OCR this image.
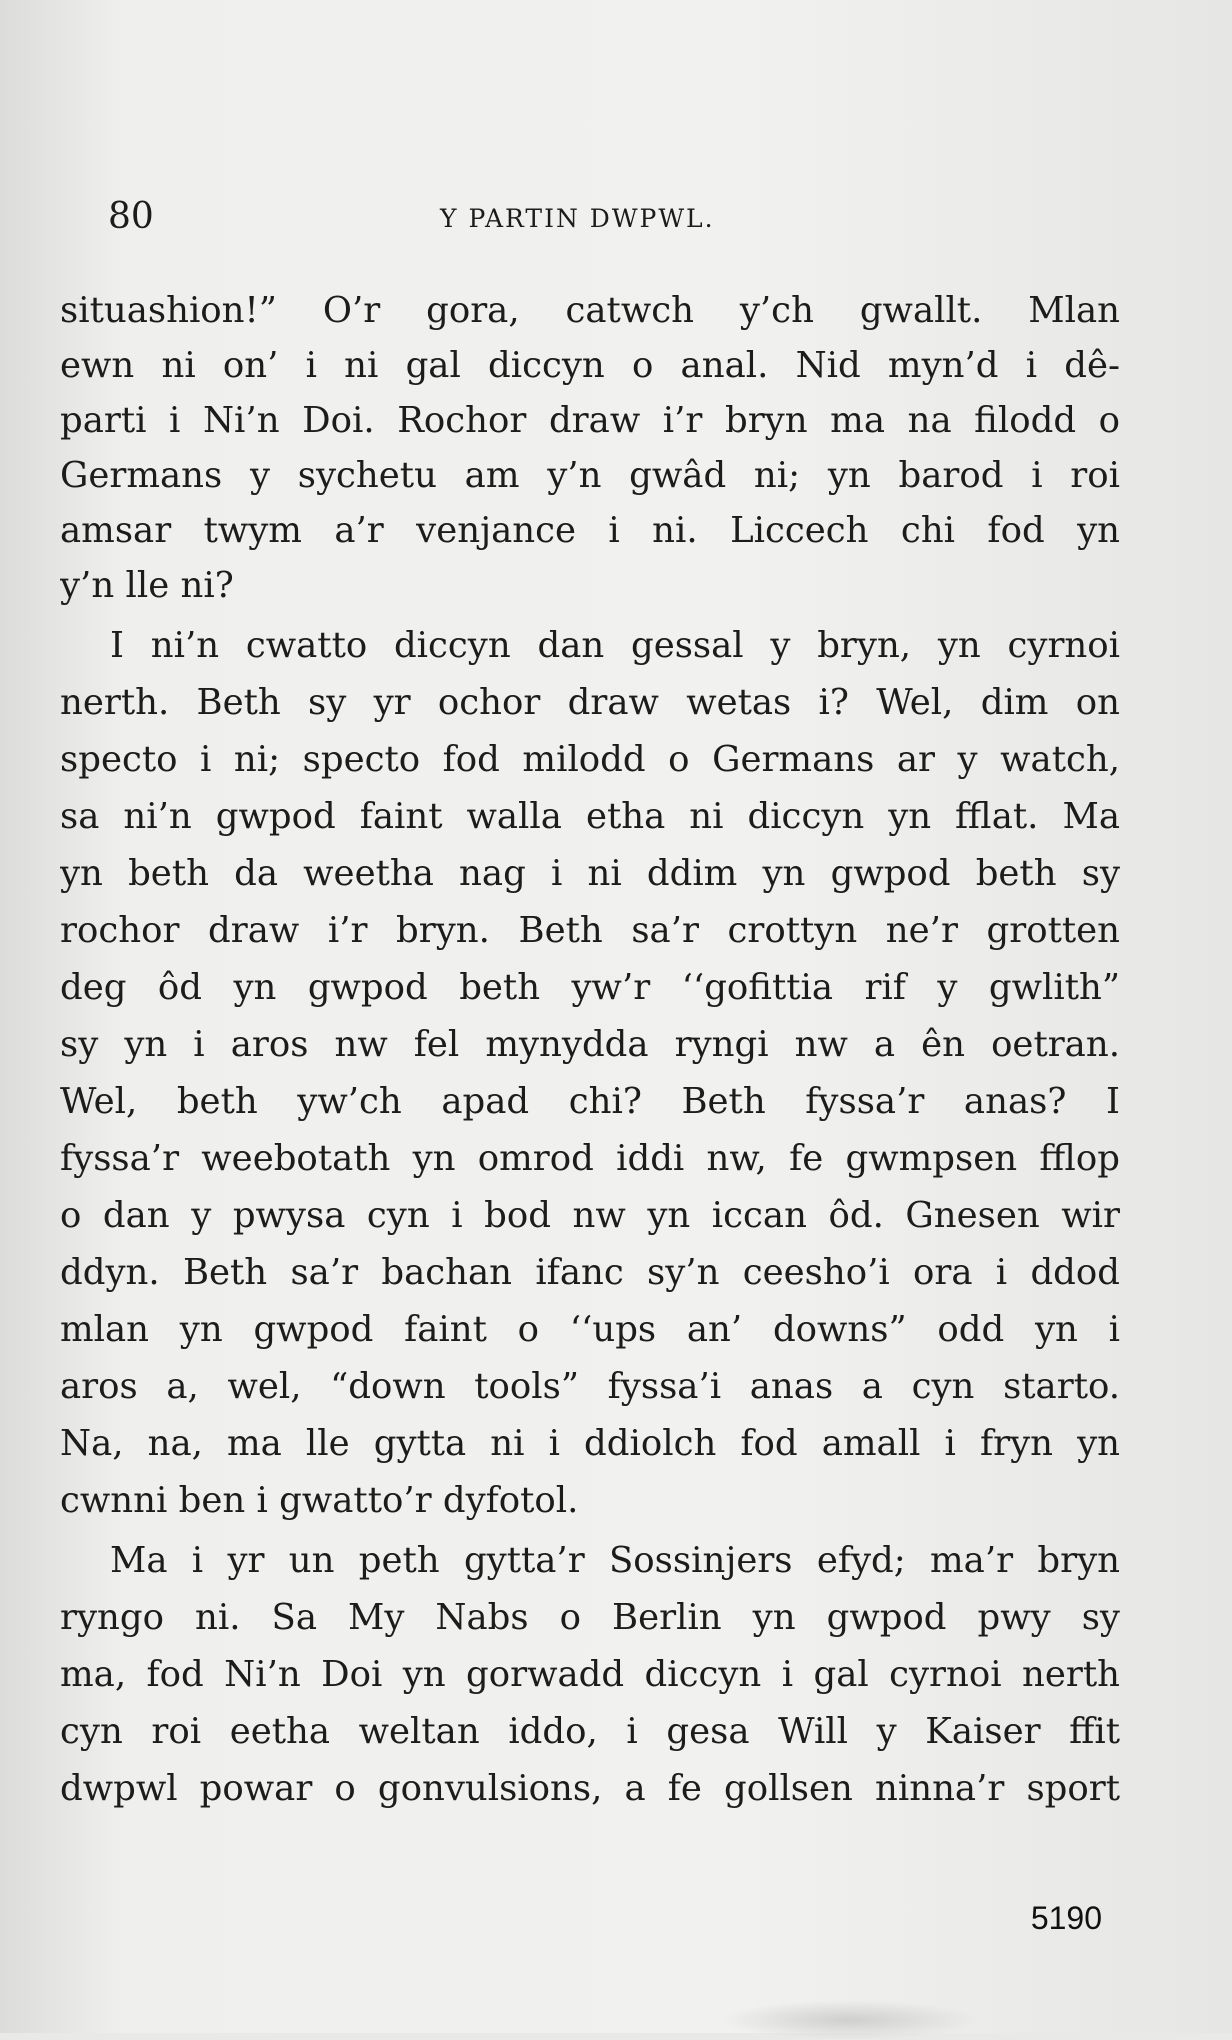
80	Y PARTIN DWPWL.
situashion!” O’r gora, catwch y’ch gwallt. Mlan
ewn ni on’ i ni gal diccyn o anal. Nid myn’d i dê-
parti i Ni’n Doi. Rochor draw i’r bryn ma na filodd o
Germans y sychetu am y’n gwâd ni; yn barod i roi
amsar twym a’r venjance i ni. Liccech chi fod yn
y’n lle ni?
I ni’n cwatto diccyn dan gessal y bryn, yn cyrnoi
nerth. Beth sy yr ochor draw wetas i? Wel, dim on
specto i ni; specto fod milodd o Germans ar y watch,
sa ni’n gwpod faint walla etha ni diccyn yn fflat. Ma
yn beth da weetha nag i ni ddim yn gwpod beth sy
rochor draw i’r bryn. Beth sa’r crottyn ne’r grotten
deg ôd yn gwpod beth yw’r ‘‘gofittia rif y gwlith”
sy yn i aros nw fel mynydda ryngi nw a ên oetran.
Wel, beth yw’ch apad chi? Beth fyssa’r anas? I
fyssa’r weebotath yn omrod iddi nw, fe gwmpsen fflop
o dan y pwysa cyn i bod nw yn iccan ôd. Gnesen wir
ddyn. Beth sa’r bachan ifanc sy’n ceesho’i ora i ddod
mlan yn gwpod faint o ‘‘ups an’ downs” odd yn i
aros a, wel, “down tools” fyssa’i anas a cyn starto.
Na, na, ma lle gytta ni i ddiolch fod amall i fryn yn
cwnni ben i gwatto’r dyfotol.
Ma i yr un peth gytta’r Sossinjers efyd; ma’r bryn
ryngo ni. Sa My Nabs o Berlin yn gwpod pwy sy
ma, fod Ni’n Doi yn gorwadd diccyn i gal cyrnoi nerth
cyn roi eetha weltan iddo, i gesa Will y Kaiser ffit
dwpwl powar o gonvulsions, a fe gollsen ninna’r sport
5190
